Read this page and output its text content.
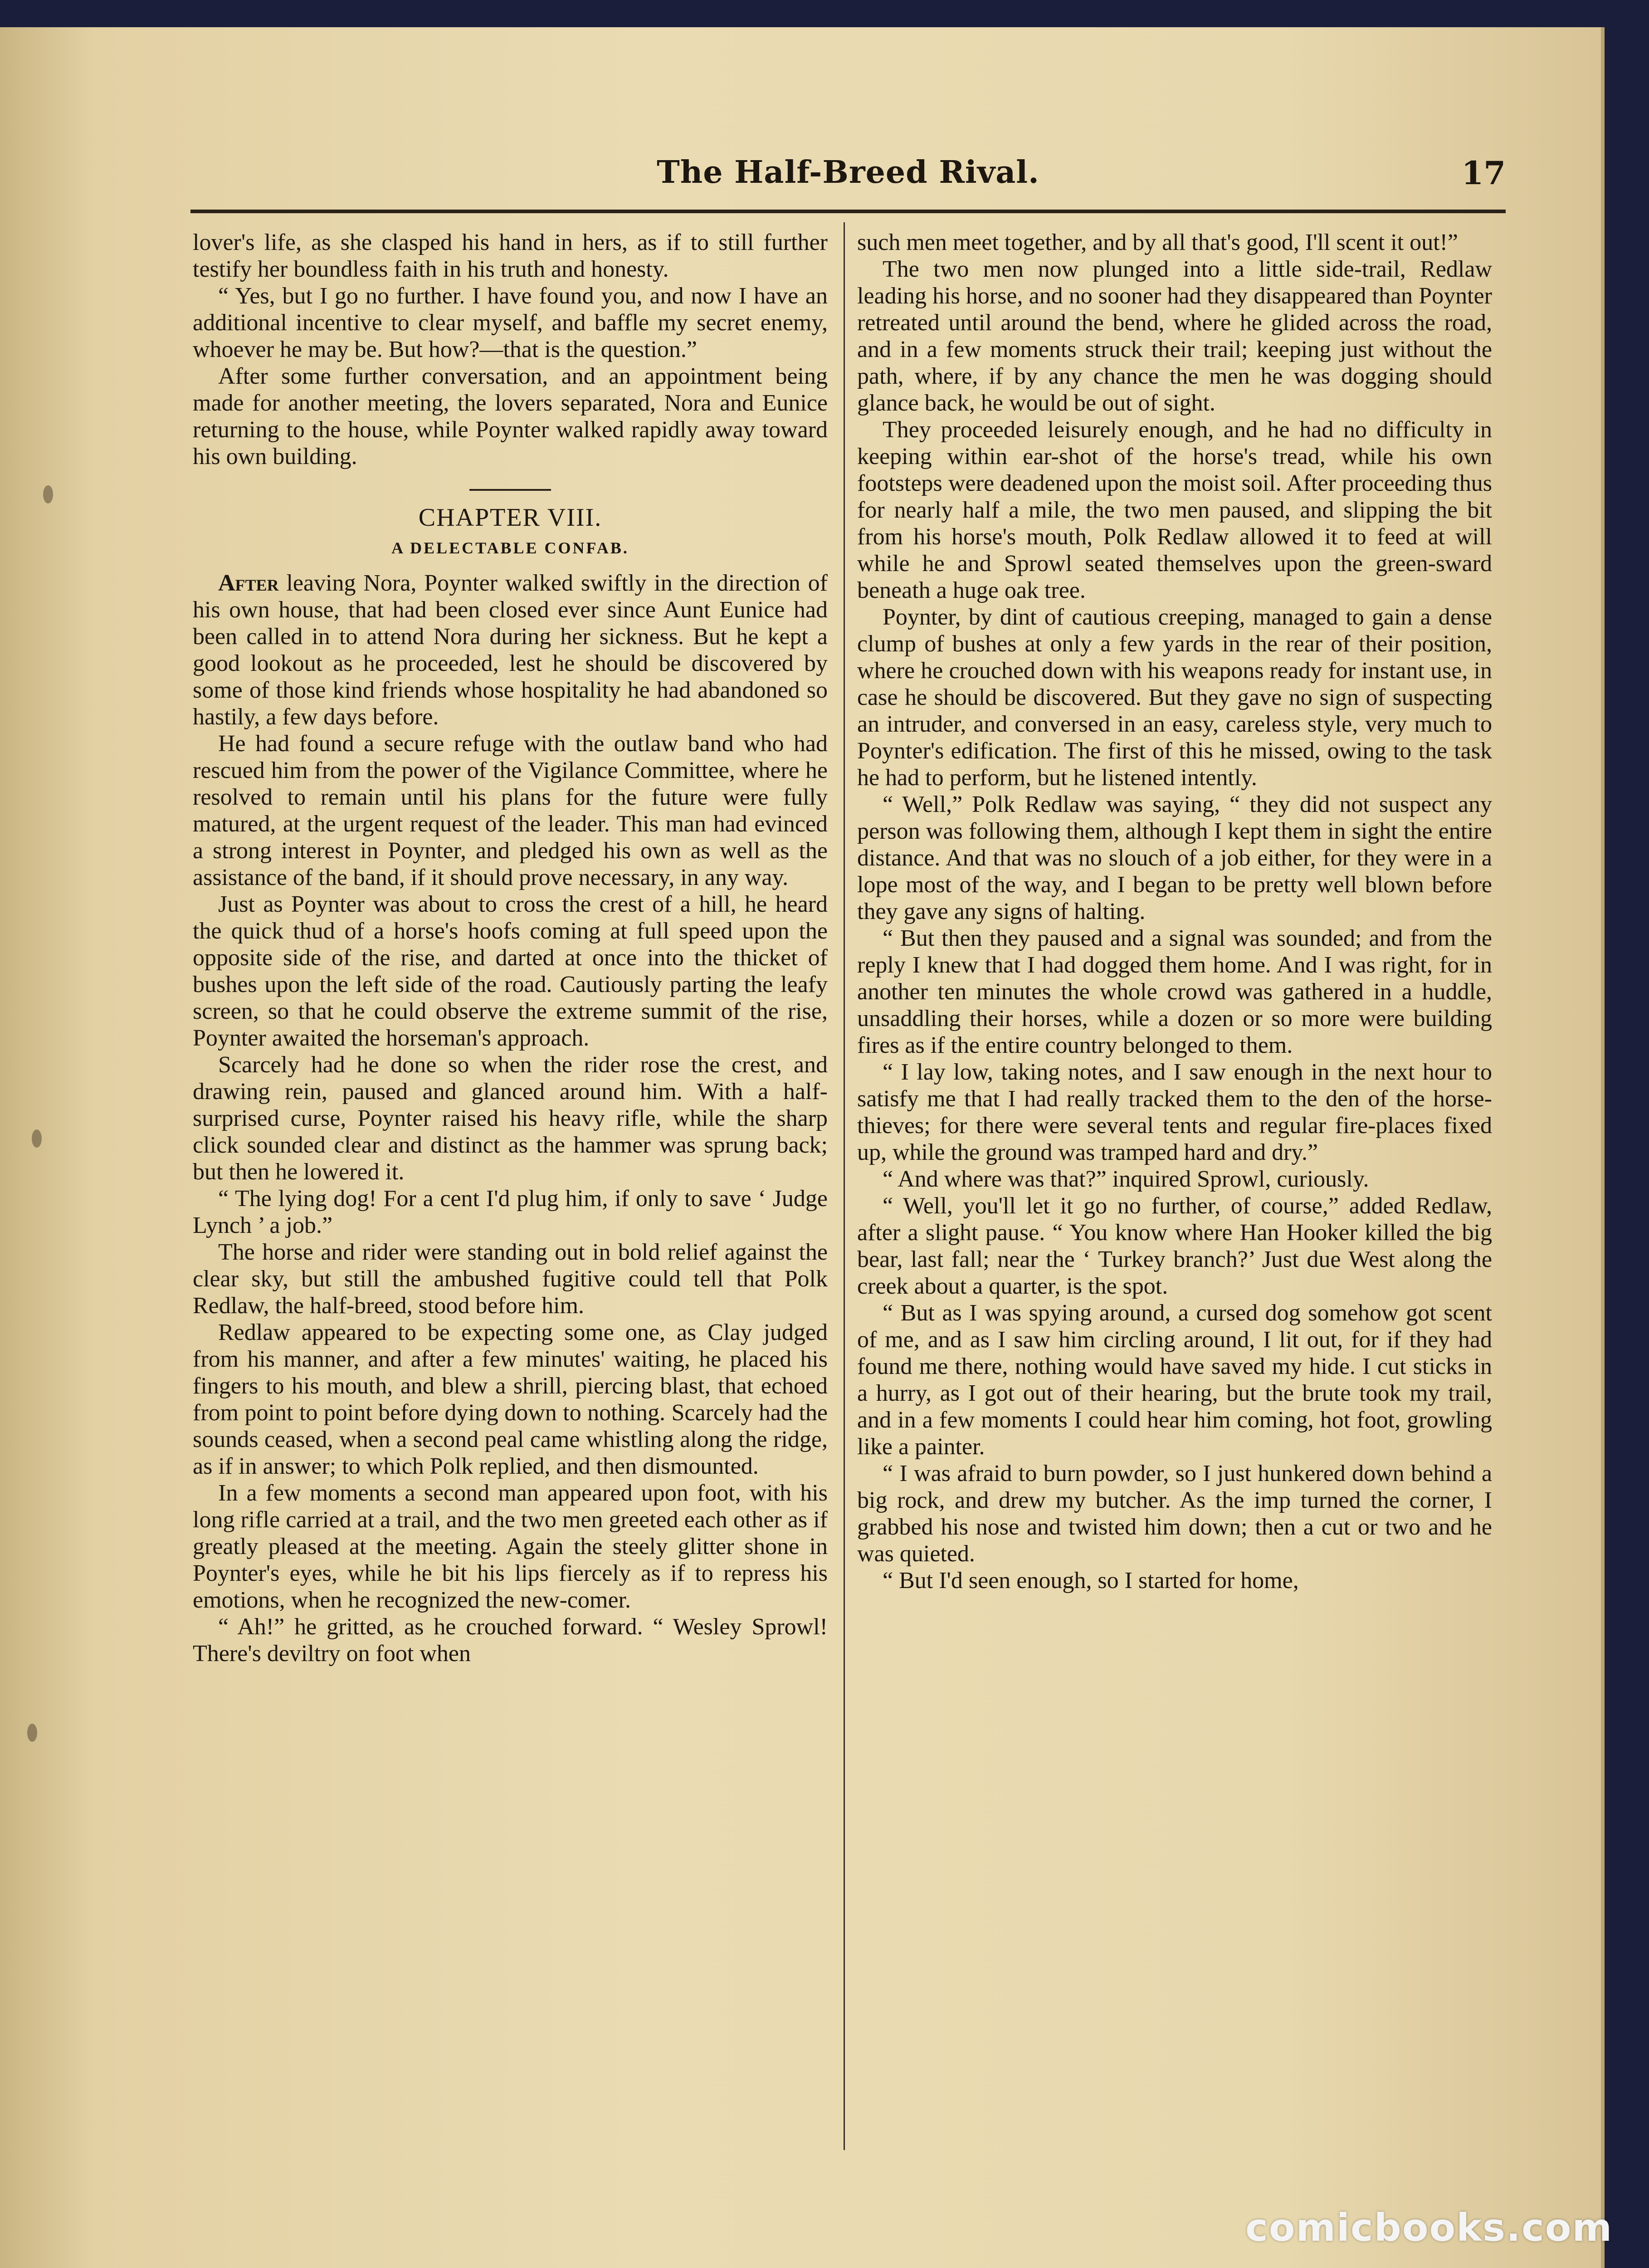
The Half-Breed Rival.	17

lover's life, as she clasped his hand in hers, as if to still further testify her boundless faith in his truth and honesty.

“ Yes, but I go no further. I have found you, and now I have an additional incentive to clear myself, and baffle my secret enemy, whoever he may be. But how?—that is the question.”

After some further conversation, and an appointment being made for another meeting, the lovers separated, Nora and Eunice returning to the house, while Poynter walked rapidly away toward his own building.

CHAPTER VIII.
A DELECTABLE CONFAB.

After leaving Nora, Poynter walked swiftly in the direction of his own house, that had been closed ever since Aunt Eunice had been called in to attend Nora during her sickness. But he kept a good lookout as he proceeded, lest he should be discovered by some of those kind friends whose hospitality he had abandoned so hastily, a few days before.

He had found a secure refuge with the outlaw band who had rescued him from the power of the Vigilance Committee, where he resolved to remain until his plans for the future were fully matured, at the urgent request of the leader. This man had evinced a strong interest in Poynter, and pledged his own as well as the assistance of the band, if it should prove necessary, in any way.

Just as Poynter was about to cross the crest of a hill, he heard the quick thud of a horse's hoofs coming at full speed upon the opposite side of the rise, and darted at once into the thicket of bushes upon the left side of the road. Cautiously parting the leafy screen, so that he could observe the extreme summit of the rise, Poynter awaited the horseman's approach.

Scarcely had he done so when the rider rose the crest, and drawing rein, paused and glanced around him. With a half-surprised curse, Poynter raised his heavy rifle, while the sharp click sounded clear and distinct as the hammer was sprung back; but then he lowered it.

“ The lying dog! For a cent I'd plug him, if only to save ‘ Judge Lynch ’ a job.”

The horse and rider were standing out in bold relief against the clear sky, but still the ambushed fugitive could tell that Polk Redlaw, the half-breed, stood before him.

Redlaw appeared to be expecting some one, as Clay judged from his manner, and after a few minutes' waiting, he placed his fingers to his mouth, and blew a shrill, piercing blast, that echoed from point to point before dying down to nothing. Scarcely had the sounds ceased, when a second peal came whistling along the ridge, as if in answer; to which Polk replied, and then dismounted.

In a few moments a second man appeared upon foot, with his long rifle carried at a trail, and the two men greeted each other as if greatly pleased at the meeting. Again the steely glitter shone in Poynter's eyes, while he bit his lips fiercely as if to repress his emotions, when he recognized the new-comer.

“ Ah!” he gritted, as he crouched forward. “ Wesley Sprowl! There's deviltry on foot when

such men meet together, and by all that's good, I'll scent it out!”

The two men now plunged into a little side-trail, Redlaw leading his horse, and no sooner had they disappeared than Poynter retreated until around the bend, where he glided across the road, and in a few moments struck their trail; keeping just without the path, where, if by any chance the men he was dogging should glance back, he would be out of sight.

They proceeded leisurely enough, and he had no difficulty in keeping within ear-shot of the horse's tread, while his own footsteps were deadened upon the moist soil. After proceeding thus for nearly half a mile, the two men paused, and slipping the bit from his horse's mouth, Polk Redlaw allowed it to feed at will while he and Sprowl seated themselves upon the green-sward beneath a huge oak tree.

Poynter, by dint of cautious creeping, managed to gain a dense clump of bushes at only a few yards in the rear of their position, where he crouched down with his weapons ready for instant use, in case he should be discovered. But they gave no sign of suspecting an intruder, and conversed in an easy, careless style, very much to Poynter's edification. The first of this he missed, owing to the task he had to perform, but he listened intently.

“ Well,” Polk Redlaw was saying, “ they did not suspect any person was following them, although I kept them in sight the entire distance. And that was no slouch of a job either, for they were in a lope most of the way, and I began to be pretty well blown before they gave any signs of halting.

“ But then they paused and a signal was sounded; and from the reply I knew that I had dogged them home. And I was right, for in another ten minutes the whole crowd was gathered in a huddle, unsaddling their horses, while a dozen or so more were building fires as if the entire country belonged to them.

“ I lay low, taking notes, and I saw enough in the next hour to satisfy me that I had really tracked them to the den of the horse-thieves; for there were several tents and regular fire-places fixed up, while the ground was tramped hard and dry.”

“ And where was that?” inquired Sprowl, curiously.

“ Well, you'll let it go no further, of course,” added Redlaw, after a slight pause. “ You know where Han Hooker killed the big bear, last fall; near the ‘ Turkey branch?’ Just due West along the creek about a quarter, is the spot.

“ But as I was spying around, a cursed dog somehow got scent of me, and as I saw him circling around, I lit out, for if they had found me there, nothing would have saved my hide. I cut sticks in a hurry, as I got out of their hearing, but the brute took my trail, and in a few moments I could hear him coming, hot foot, growling like a painter.

“ I was afraid to burn powder, so I just hunkered down behind a big rock, and drew my butcher. As the imp turned the corner, I grabbed his nose and twisted him down; then a cut or two and he was quieted.

“ But I'd seen enough, so I started for home,

comicbooks.com
